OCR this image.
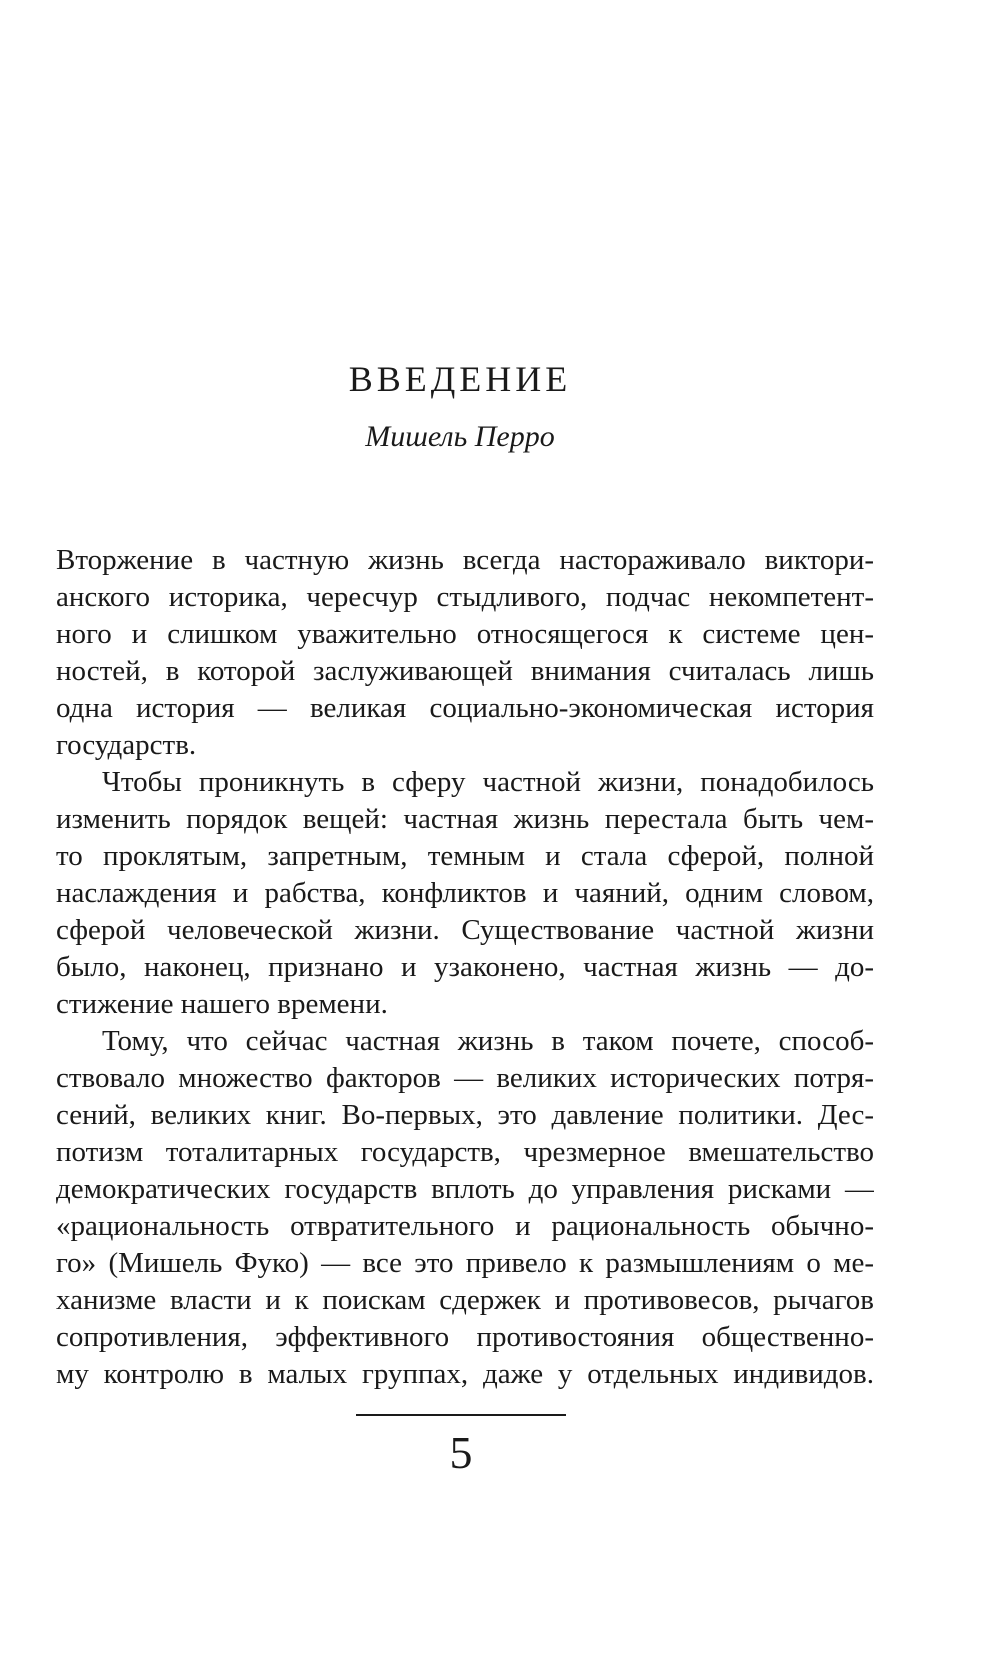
ВВЕДЕНИЕ

Мишель Перро

Вторжение в частную жизнь всегда настораживало виктори-
анского историка, чересчур стыдливого, подчас некомпетент-
ного и слишком уважительно относящегося к системе цен-
ностей, в которой заслуживающей внимания считалась лишь
одна история — великая социально-экономическая история
государств.
Чтобы проникнуть в сферу частной жизни, понадобилось
изменить порядок вещей: частная жизнь перестала быть чем-
то проклятым, запретным, темным и стала сферой, полной
наслаждения и рабства, конфликтов и чаяний, одним словом,
сферой человеческой жизни. Существование частной жизни
было, наконец, признано и узаконено, частная жизнь — до-
стижение нашего времени.
Тому, что сейчас частная жизнь в таком почете, способ-
ствовало множество факторов — великих исторических потря-
сений, великих книг. Во-первых, это давление политики. Дес-
потизм тоталитарных государств, чрезмерное вмешательство
демократических государств вплоть до управления рисками —
«рациональность отвратительного и рациональность обычно-
го» (Мишель Фуко) — все это привело к размышлениям о ме-
ханизме власти и к поискам сдержек и противовесов, рычагов
сопротивления, эффективного противостояния общественно-
му контролю в малых группах, даже у отдельных индивидов.
5
